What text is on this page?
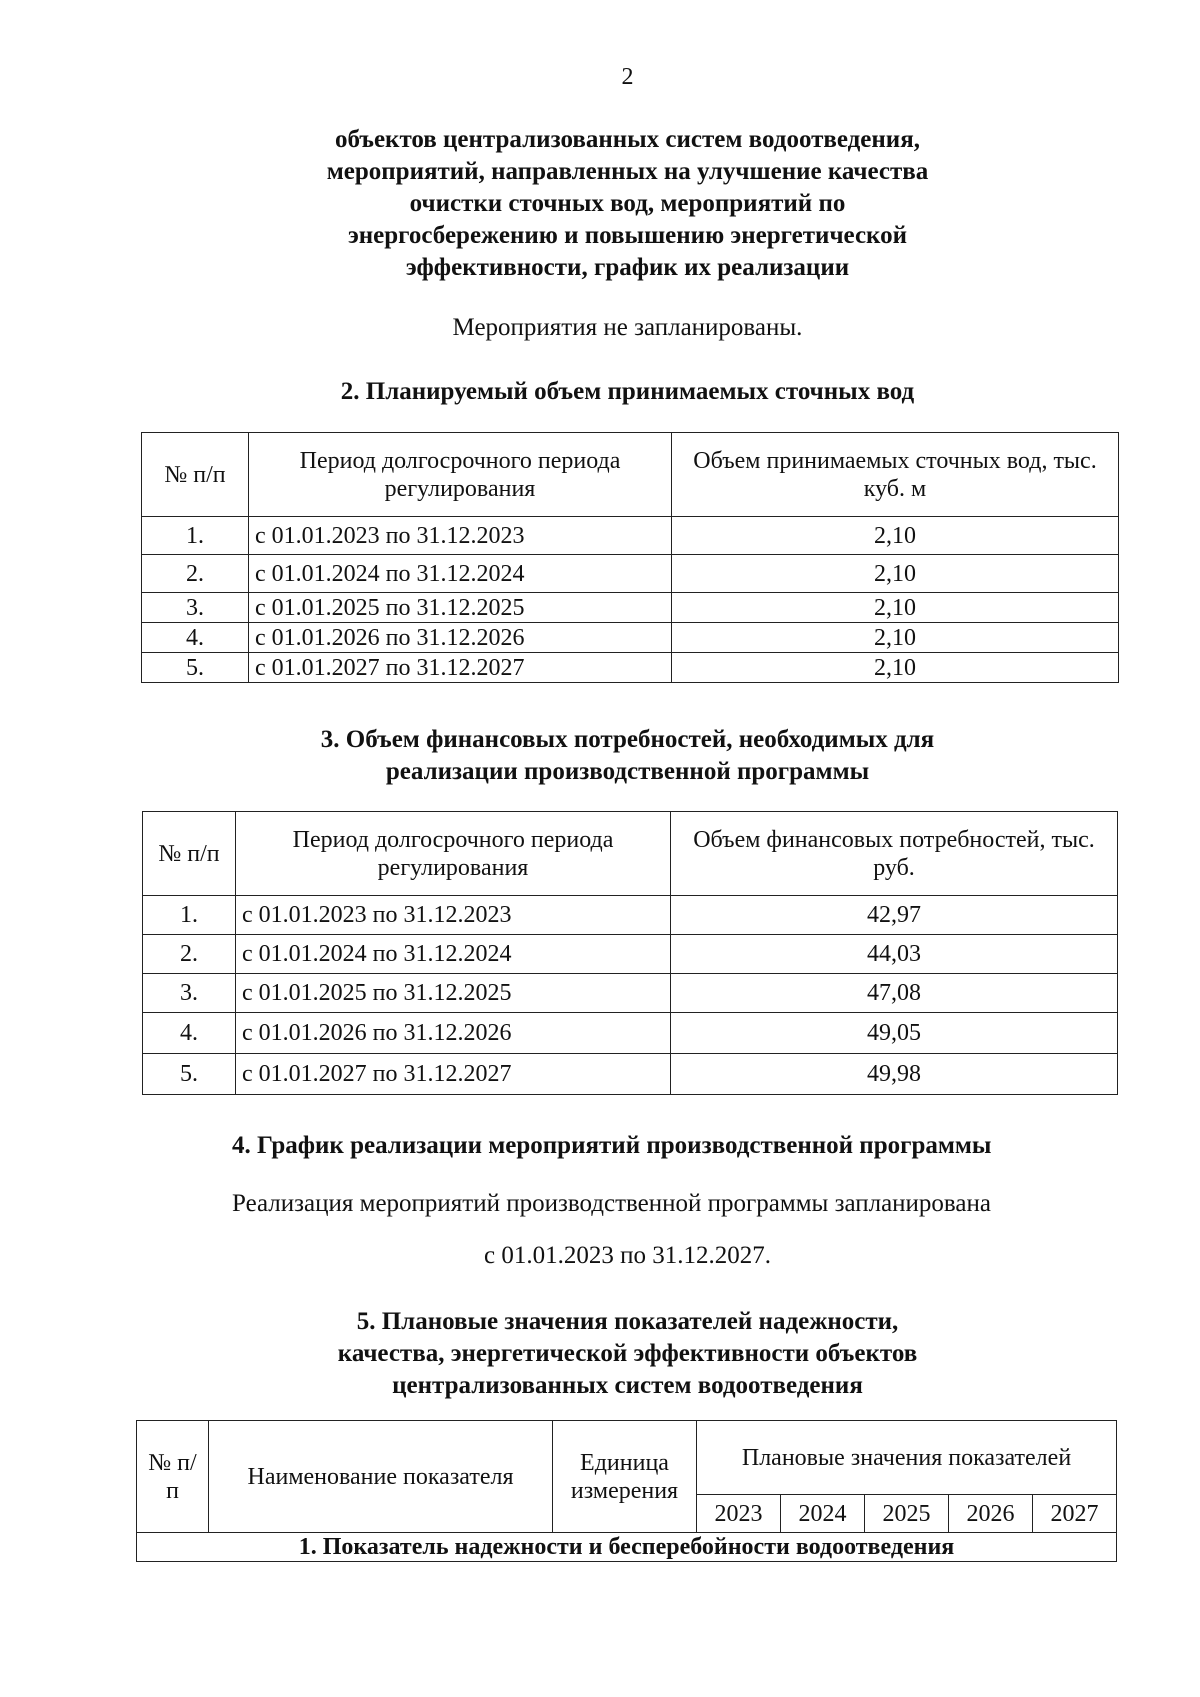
2
объектов централизованных систем водоотведения,
мероприятий, направленных на улучшение качества
очистки сточных вод, мероприятий по
энергосбережению и повышению энергетической
эффективности, график их реализации
Мероприятия не запланированы.
2. Планируемый объем принимаемых сточных вод
№ п/п	Период долгосрочного периода регулирования	Объем принимаемых сточных вод, тыс. куб. м
1.	с 01.01.2023 по 31.12.2023	2,10
2.	с 01.01.2024 по 31.12.2024	2,10
3.	с 01.01.2025 по 31.12.2025	2,10
4.	с 01.01.2026 по 31.12.2026	2,10
5.	с 01.01.2027 по 31.12.2027	2,10
3. Объем финансовых потребностей, необходимых для
реализации производственной программы
№ п/п	Период долгосрочного периода регулирования	Объем финансовых потребностей, тыс. руб.
1.	с 01.01.2023 по 31.12.2023	42,97
2.	с 01.01.2024 по 31.12.2024	44,03
3.	с 01.01.2025 по 31.12.2025	47,08
4.	с 01.01.2026 по 31.12.2026	49,05
5.	с 01.01.2027 по 31.12.2027	49,98
4. График реализации мероприятий производственной программы
Реализация мероприятий производственной программы запланирована
с 01.01.2023 по 31.12.2027.
5. Плановые значения показателей надежности,
качества, энергетической эффективности объектов
централизованных систем водоотведения
№ п/п	Наименование показателя	Единица измерения	Плановые значения показателей				
			2023	2024	2025	2026	2027
1. Показатель надежности и бесперебойности водоотведения							
